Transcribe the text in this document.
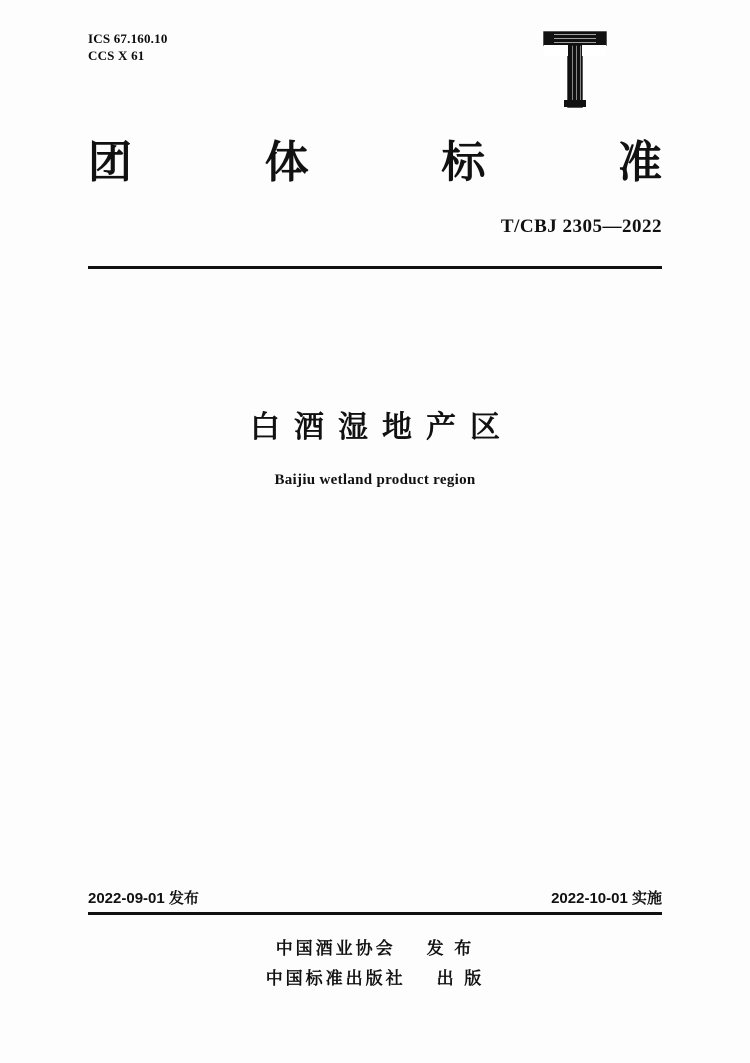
ICS 67.160.10
CCS X 61
团	体	标	准
T/CBJ 2305—2022
白酒湿地产区
Baijiu wetland product region
2022-09-01 发布	2022-10-01 实施
中国酒业协会    发 布
中国标准出版社    出 版
